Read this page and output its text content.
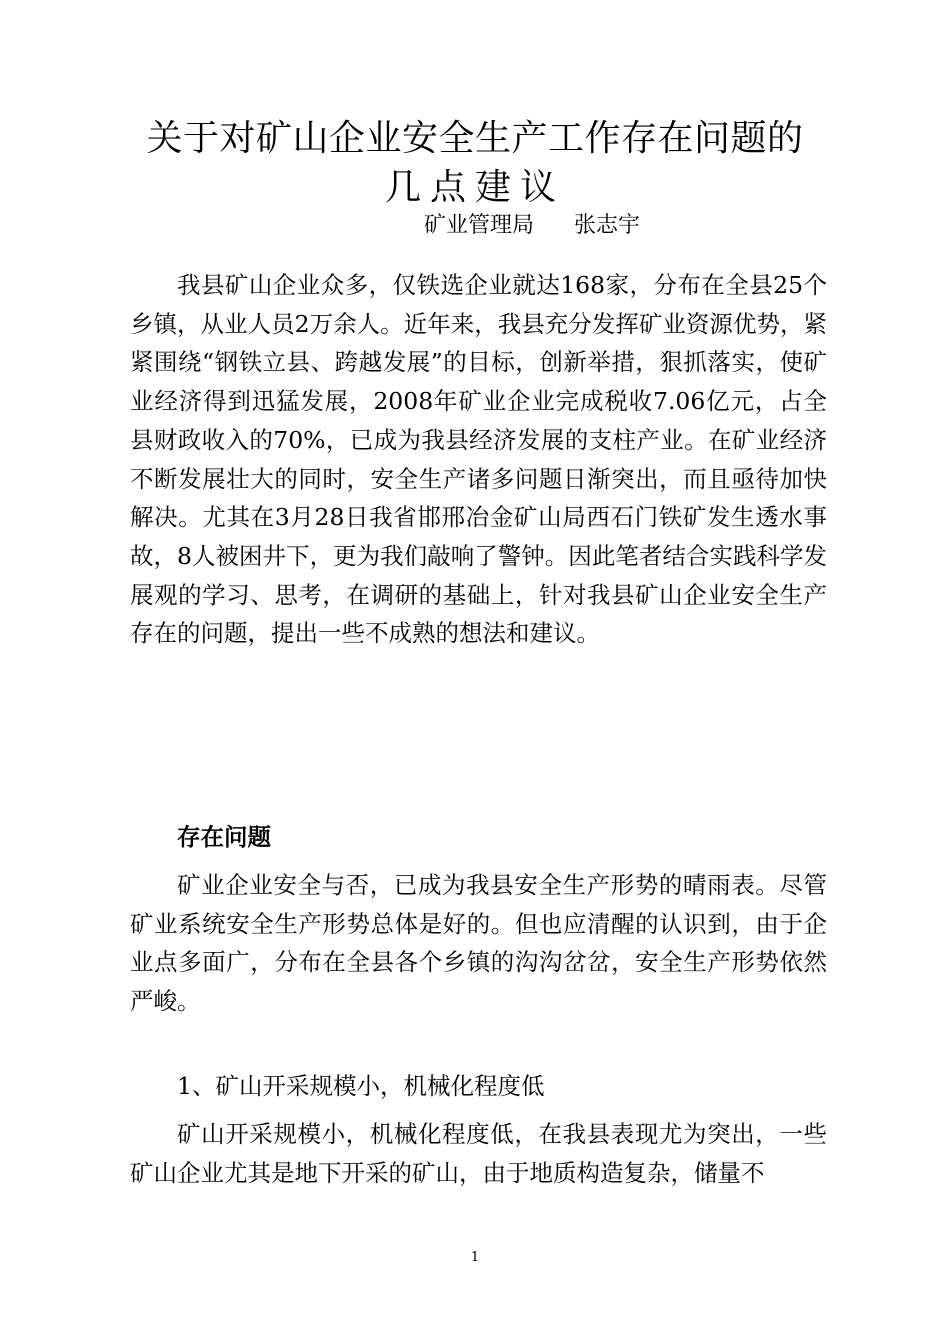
关于对矿山企业安全生产工作存在问题的
几点建议
矿业管理局 张志宇

我县矿山企业众多，仅铁选企业就达168家，分布在全县25个乡镇，从业人员2万余人。近年来，我县充分发挥矿业资源优势，紧紧围绕“钢铁立县、跨越发展”的目标，创新举措，狠抓落实，使矿业经济得到迅猛发展，2008年矿业企业完成税收7.06亿元，占全县财政收入的70%，已成为我县经济发展的支柱产业。在矿业经济不断发展壮大的同时，安全生产诸多问题日渐突出，而且亟待加快解决。尤其在3月28日我省邯邢冶金矿山局西石门铁矿发生透水事故，8人被困井下，更为我们敲响了警钟。因此笔者结合实践科学发展观的学习、思考，在调研的基础上，针对我县矿山企业安全生产存在的问题，提出一些不成熟的想法和建议。

存在问题

矿业企业安全与否，已成为我县安全生产形势的晴雨表。尽管矿业系统安全生产形势总体是好的。但也应清醒的认识到，由于企业点多面广，分布在全县各个乡镇的沟沟岔岔，安全生产形势依然严峻。

1、矿山开采规模小，机械化程度低

矿山开采规模小，机械化程度低，在我县表现尤为突出，一些矿山企业尤其是地下开采的矿山，由于地质构造复杂，储量不

1
